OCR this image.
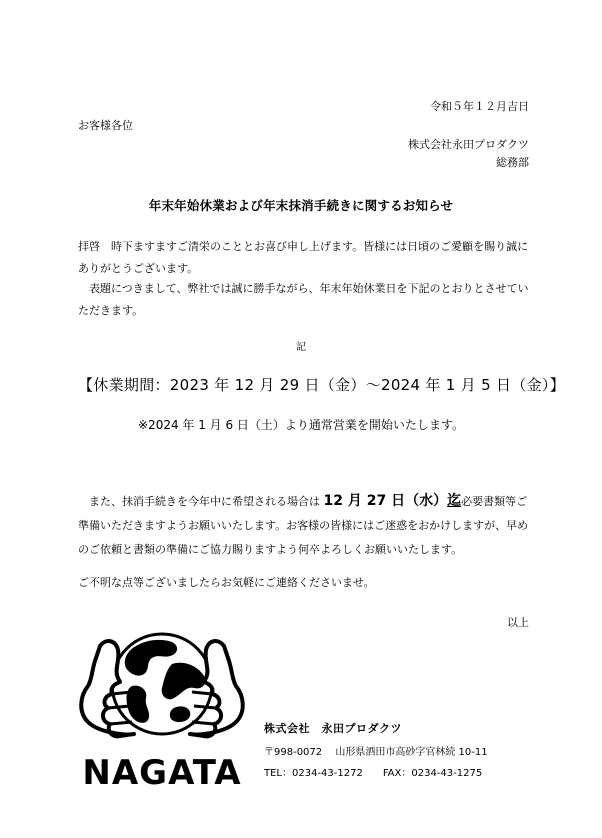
令和５年１２月吉日
お客様各位
株式会社永田プロダクツ
総務部
年末年始休業および年末抹消手続きに関するお知らせ
拝啓　時下ますますご清栄のこととお喜び申し上げます。皆様には日頃のご愛顧を賜り誠にありがとうございます。
表題につきまして、弊社では誠に勝手ながら、年末年始休業日を下記のとおりとさせていただきます。
記
【休業期間：2023 年 12 月 29 日（金）～2024 年 1 月 5 日（金）】
※2024 年 1 月 6 日（土）より通常営業を開始いたします。
　また、抹消手続きを今年中に希望される場合は 12 月 27 日（水）迄必要書類等ご準備いただきますようお願いいたします。お客様の皆様にはご迷惑をおかけしますが、早めのご依頼と書類の準備にご協力賜りますよう何卒よろしくお願いいたします。
ご不明な点等ございましたらお気軽にご連絡くださいませ。
以上
NAGATA
株式会社　永田プロダクツ
〒998-0072　 山形県酒田市高砂字官林続 10-11
TEL：0234-43-1272　　FAX：0234-43-1275
